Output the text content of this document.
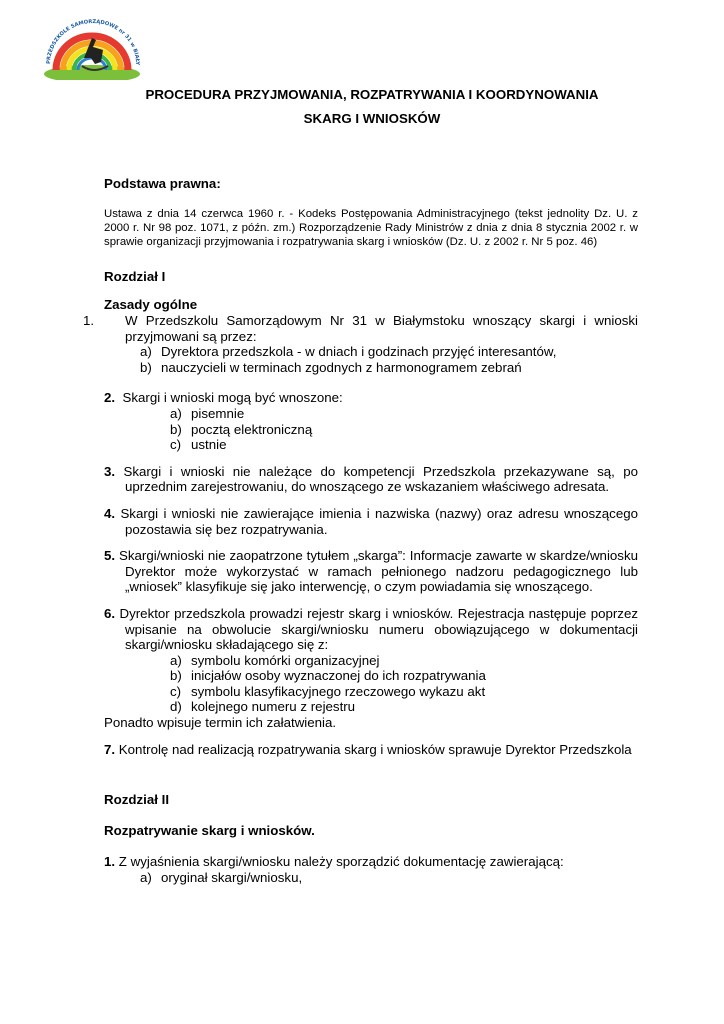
PRZEDSZKOLE SAMORZĄDOWE nr 31 w BIAŁY
PROCEDURA PRZYJMOWANIA, ROZPATRYWANIA I KOORDYNOWANIA
SKARG I WNIOSKÓW

Podstawa prawna:

Ustawa z dnia 14 czerwca 1960 r. - Kodeks Postępowania Administracyjnego (tekst jednolity Dz. U. z 2000 r. Nr 98 poz. 1071, z późn. zm.) Rozporządzenie Rady Ministrów z dnia z dnia 8 stycznia 2002 r. w sprawie organizacji przyjmowania i rozpatrywania skarg i wniosków (Dz. U. z 2002 r. Nr 5 poz. 46)

Rozdział I

Zasady ogólne

1. W Przedszkolu Samorządowym Nr 31 w Białymstoku wnoszący skargi i wnioski przyjmowani są przez:

a) Dyrektora przedszkola - w dniach i godzinach przyjęć interesantów,

b) nauczycieli w terminach zgodnych z harmonogramem zebrań

2. Skargi i wnioski mogą być wnoszone:

a) pisemnie

b) pocztą elektroniczną

c) ustnie

3. Skargi i wnioski nie należące do kompetencji Przedszkola przekazywane są, po uprzednim zarejestrowaniu, do wnoszącego ze wskazaniem właściwego adresata.

4. Skargi i wnioski nie zawierające imienia i nazwiska (nazwy) oraz adresu wnoszącego pozostawia się bez rozpatrywania.

5. Skargi/wnioski nie zaopatrzone tytułem „skarga”: Informacje zawarte w skardze/wniosku Dyrektor może wykorzystać w ramach pełnionego nadzoru pedagogicznego lub „wniosek” klasyfikuje się jako interwencję, o czym powiadamia się wnoszącego.

6. Dyrektor przedszkola prowadzi rejestr skarg i wniosków. Rejestracja następuje poprzez wpisanie na obwolucie skargi/wniosku numeru obowiązującego w dokumentacji skargi/wniosku składającego się z:

a) symbolu komórki organizacyjnej

b) inicjałów osoby wyznaczonej do ich rozpatrywania

c) symbolu klasyfikacyjnego rzeczowego wykazu akt

d) kolejnego numeru z rejestru

Ponadto wpisuje termin ich załatwienia.

7. Kontrolę nad realizacją rozpatrywania skarg i wniosków sprawuje Dyrektor Przedszkola

Rozdział II

Rozpatrywanie skarg i wniosków.

1. Z wyjaśnienia skargi/wniosku należy sporządzić dokumentację zawierającą:

a) oryginał skargi/wniosku,
